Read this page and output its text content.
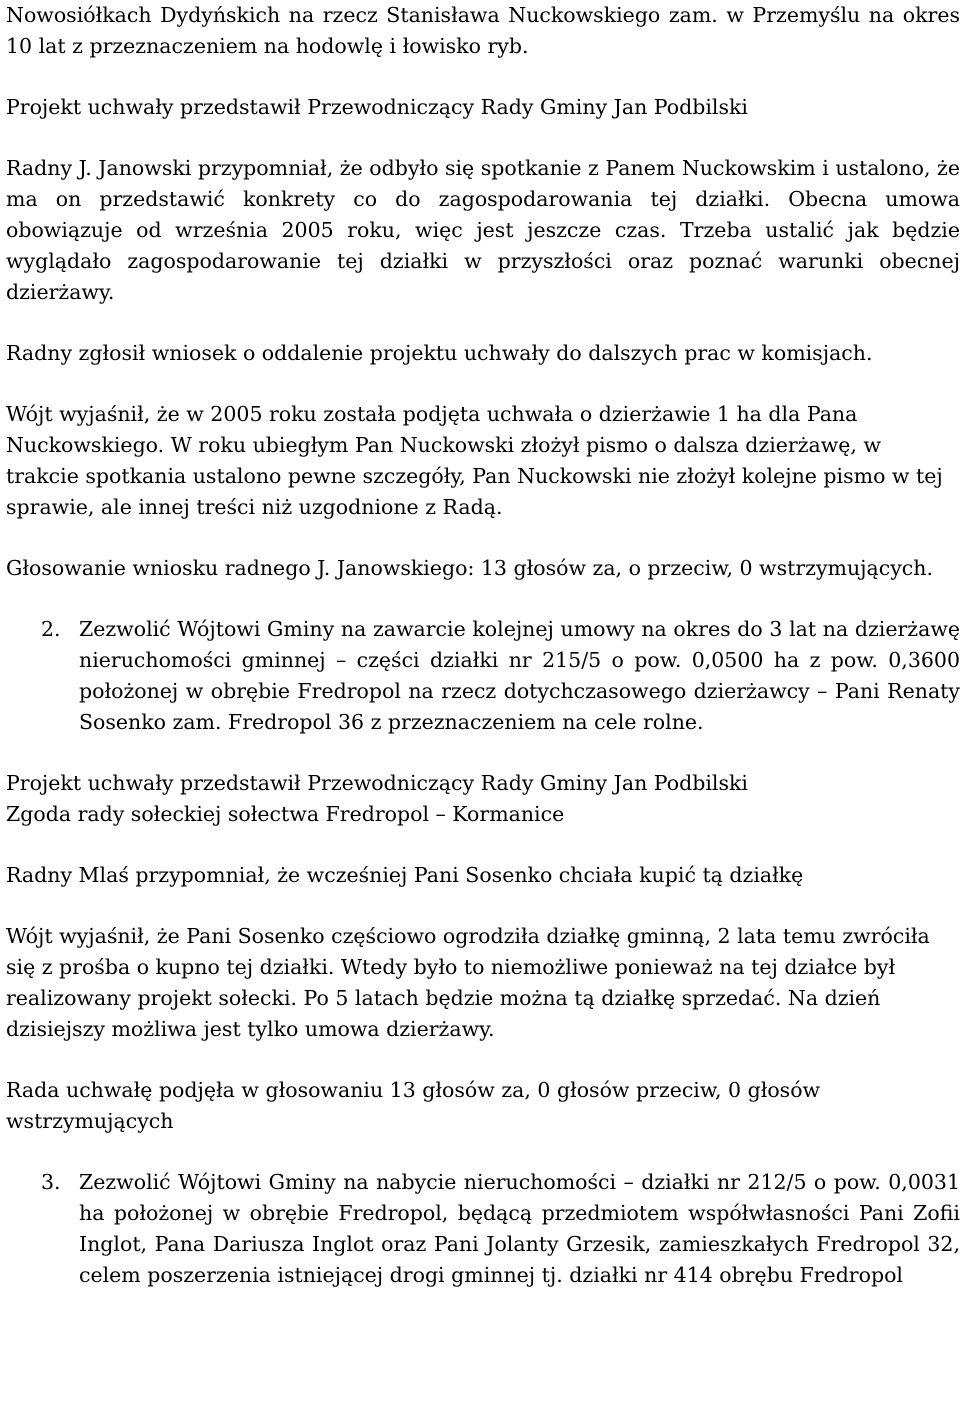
Nowosiółkach Dydyńskich na rzecz Stanisława Nuckowskiego zam. w Przemyślu na okres 10 lat z przeznaczeniem na hodowlę i łowisko ryb.

Projekt uchwały przedstawił Przewodniczący Rady Gminy Jan Podbilski

Radny J. Janowski przypomniał, że odbyło się spotkanie z Panem Nuckowskim i ustalono, że ma on przedstawić konkrety co do zagospodarowania tej działki. Obecna umowa obowiązuje od września 2005 roku, więc jest jeszcze czas. Trzeba ustalić jak będzie wyglądało zagospodarowanie tej działki w przyszłości oraz poznać warunki obecnej dzierżawy.

Radny zgłosił wniosek o oddalenie projektu uchwały do dalszych prac w komisjach.

Wójt wyjaśnił, że w 2005 roku została podjęta uchwała o dzierżawie 1 ha dla Pana Nuckowskiego. W roku ubiegłym Pan Nuckowski złożył pismo o dalsza dzierżawę, w trakcie spotkania ustalono pewne szczegóły, Pan Nuckowski nie złożył kolejne pismo w tej sprawie, ale innej treści niż uzgodnione z Radą.

Głosowanie wniosku radnego J. Janowskiego: 13 głosów za, o przeciw, 0 wstrzymujących.

2. Zezwolić Wójtowi Gminy na zawarcie kolejnej umowy na okres do 3 lat na dzierżawę nieruchomości gminnej – części działki nr 215/5 o pow. 0,0500 ha z pow. 0,3600 położonej w obrębie Fredropol na rzecz dotychczasowego dzierżawcy – Pani Renaty Sosenko zam. Fredropol 36 z przeznaczeniem na cele rolne.

Projekt uchwały przedstawił Przewodniczący Rady Gminy Jan Podbilski

Zgoda rady sołeckiej sołectwa Fredropol – Kormanice

Radny Mlaś przypomniał, że wcześniej Pani Sosenko chciała kupić tą działkę

Wójt wyjaśnił, że Pani Sosenko częściowo ogrodziła działkę gminną, 2 lata temu zwróciła się z prośba o kupno tej działki. Wtedy było to niemożliwe ponieważ na tej działce był realizowany projekt sołecki. Po 5 latach będzie można tą działkę sprzedać. Na dzień dzisiejszy możliwa jest tylko umowa dzierżawy.

Rada uchwałę podjęła w głosowaniu 13 głosów za, 0 głosów przeciw, 0 głosów wstrzymujących

3. Zezwolić Wójtowi Gminy na nabycie nieruchomości – działki nr 212/5 o pow. 0,0031 ha położonej w obrębie Fredropol, będącą przedmiotem współwłasności Pani Zofii Inglot, Pana Dariusza Inglot oraz Pani Jolanty Grzesik, zamieszkałych Fredropol 32, celem poszerzenia istniejącej drogi gminnej tj. działki nr 414 obrębu Fredropol
